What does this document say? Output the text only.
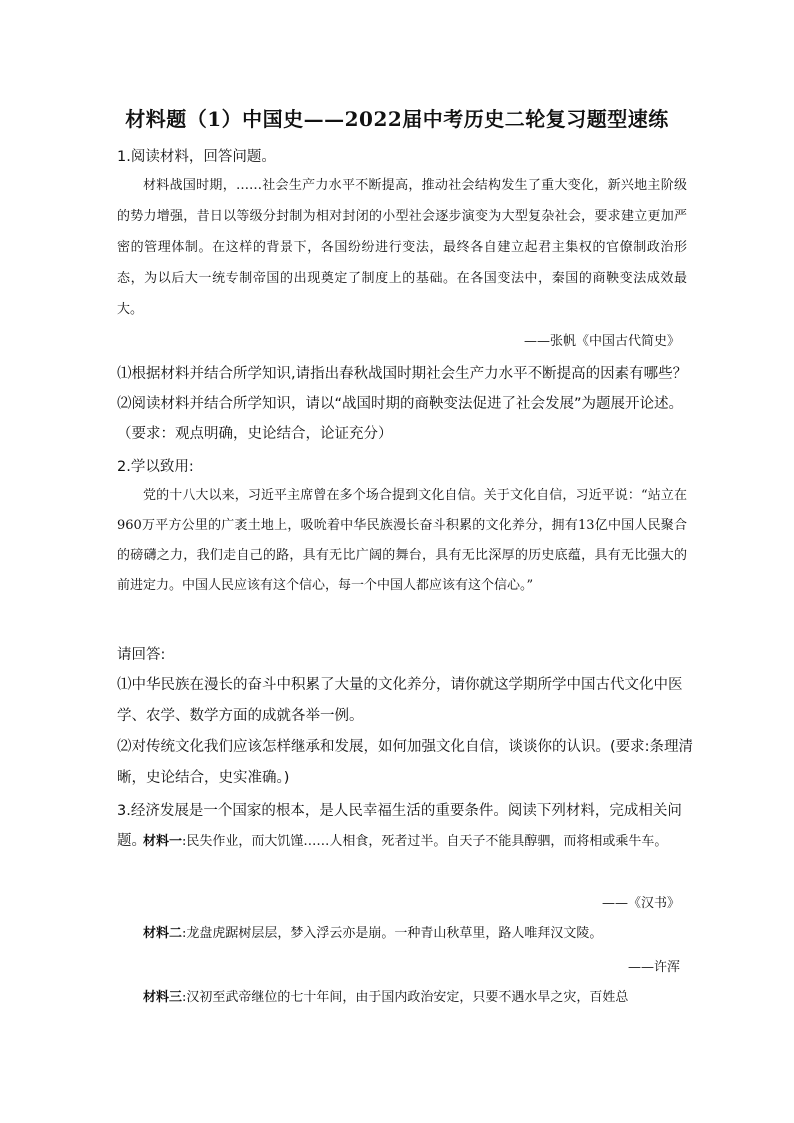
材料题（1）中国史——2022届中考历史二轮复习题型速练
1.阅读材料，回答问题。

材料战国时期，……社会生产力水平不断提高，推动社会结构发生了重大变化，新兴地主阶级的势力增强，昔日以等级分封制为相对封闭的小型社会逐步演变为大型复杂社会，要求建立更加严密的管理体制。在这样的背景下，各国纷纷进行变法，最终各自建立起君主集权的官僚制政治形态，为以后大一统专制帝国的出现奠定了制度上的基础。在各国变法中，秦国的商鞅变法成效最大。

——张帆《中国古代简史》
⑴根据材料并结合所学知识,请指出春秋战国时期社会生产力水平不断提高的因素有哪些？
⑵阅读材料并结合所学知识，请以“战国时期的商鞅变法促进了社会发展”为题展开论述。
（要求：观点明确，史论结合，论证充分）
2.学以致用:

党的十八大以来，习近平主席曾在多个场合提到文化自信。关于文化自信，习近平说：“站立在960万平方公里的广袤土地上，吸吮着中华民族漫长奋斗积累的文化养分，拥有13亿中国人民聚合的磅礴之力，我们走自己的路，具有无比广阔的舞台，具有无比深厚的历史底蕴，具有无比强大的前进定力。中国人民应该有这个信心，每一个中国人都应该有这个信心。”

请回答:
⑴中华民族在漫长的奋斗中积累了大量的文化养分，请你就这学期所学中国古代文化中医学、农学、数学方面的成就各举一例。
⑵对传统文化我们应该怎样继承和发展，如何加强文化自信，谈谈你的认识。(要求:条理清晰，史论结合，史实准确。)
3.经济发展是一个国家的根本，是人民幸福生活的重要条件。阅读下列材料，完成相关问题。

材料一:民失作业，而大饥馑……人相食，死者过半。自天子不能具醇驷，而将相或乘牛车。

——《汉书》

材料二:龙盘虎踞树层层，梦入浮云亦是崩。一种青山秋草里，路人唯拜汉文陵。

——许浑

材料三:汉初至武帝继位的七十年间，由于国内政治安定，只要不遇水旱之灾，百姓总
